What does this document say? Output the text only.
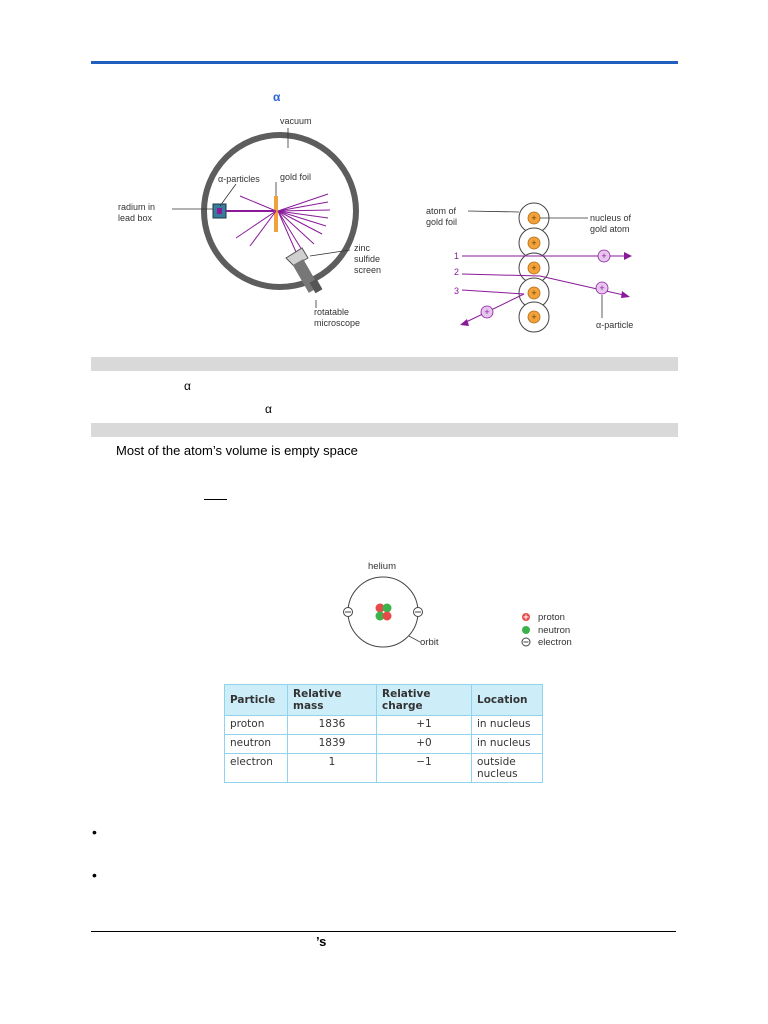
α
vacuum
α-particles gold foil
radium in
lead box
zinc
sulfide
screen
rotatable
microscope
+
+
+
+
+
+
+
+
atom of
gold foil	nucleus of
gold atom
α-particle
1
2
3
α
α
Most of the atom’s volume is empty space
helium
orbit
proton
neutron
electron
Particle	Relative mass	Relative charge	Location
proton	1836	+1	in nucleus
neutron	1839	+0	in nucleus
electron	1	−1	outside nucleus
•
•
’s
